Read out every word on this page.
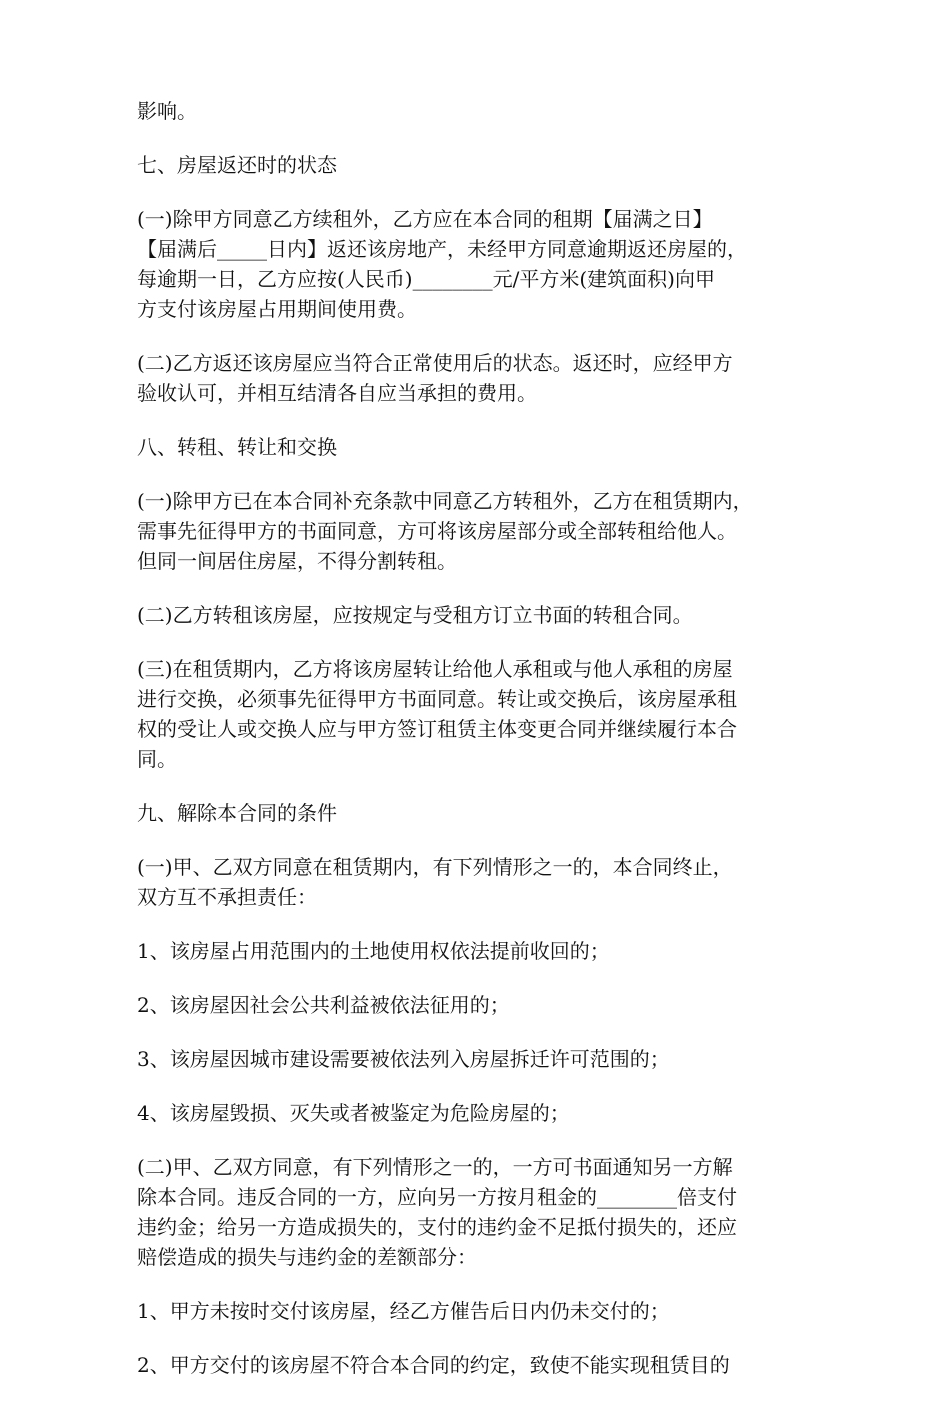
影响。

七、房屋返还时的状态

(一)除甲方同意乙方续租外，乙方应在本合同的租期【届满之日】
【届满后_____日内】返还该房地产，未经甲方同意逾期返还房屋的，
每逾期一日，乙方应按(人民币)________元/平方米(建筑面积)向甲
方支付该房屋占用期间使用费。

(二)乙方返还该房屋应当符合正常使用后的状态。返还时，应经甲方
验收认可，并相互结清各自应当承担的费用。

八、转租、转让和交换

(一)除甲方已在本合同补充条款中同意乙方转租外，乙方在租赁期内，
需事先征得甲方的书面同意，方可将该房屋部分或全部转租给他人。
但同一间居住房屋，不得分割转租。

(二)乙方转租该房屋，应按规定与受租方订立书面的转租合同。

(三)在租赁期内，乙方将该房屋转让给他人承租或与他人承租的房屋
进行交换，必须事先征得甲方书面同意。转让或交换后，该房屋承租
权的受让人或交换人应与甲方签订租赁主体变更合同并继续履行本合
同。

九、解除本合同的条件

(一)甲、乙双方同意在租赁期内，有下列情形之一的，本合同终止，
双方互不承担责任：

1、该房屋占用范围内的土地使用权依法提前收回的；

2、该房屋因社会公共利益被依法征用的；

3、该房屋因城市建设需要被依法列入房屋拆迁许可范围的；

4、该房屋毁损、灭失或者被鉴定为危险房屋的；

(二)甲、乙双方同意，有下列情形之一的，一方可书面通知另一方解
除本合同。违反合同的一方，应向另一方按月租金的________倍支付
违约金；给另一方造成损失的，支付的违约金不足抵付损失的，还应
赔偿造成的损失与违约金的差额部分：

1、甲方未按时交付该房屋，经乙方催告后日内仍未交付的；

2、甲方交付的该房屋不符合本合同的约定，致使不能实现租赁目的
